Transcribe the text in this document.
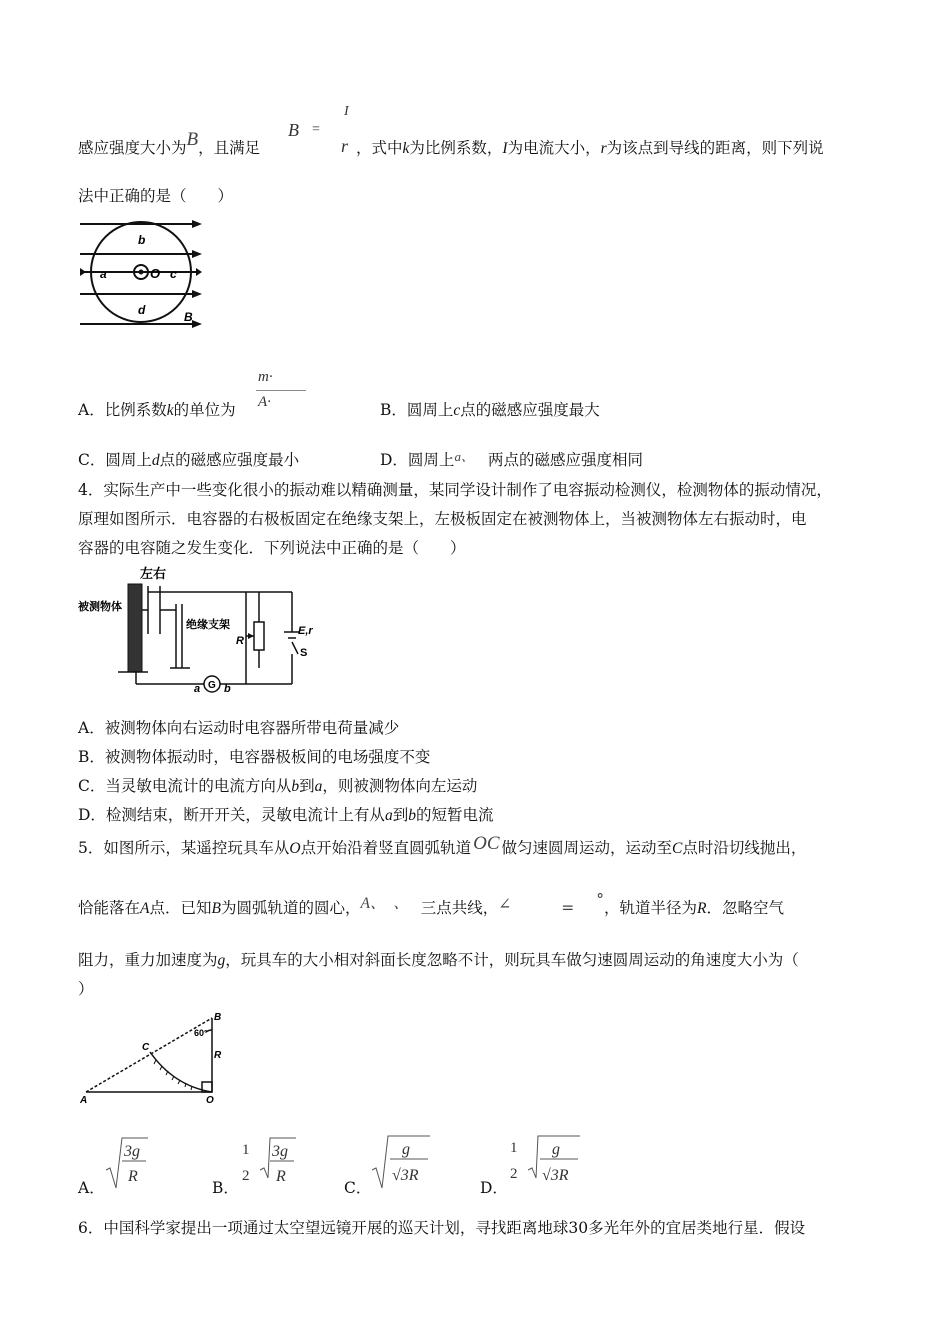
感应强度大小为B，且满足
B =
I
r ，式中k为比例系数，I为电流大小，r为该点到导线的距离，则下列说
法中正确的是（　　）
b
a	O c
d	B
A．比例系数k的单位为
m·
A·	B．圆周上c点的磁感应强度最大
C．圆周上d点的磁感应强度最小	D．圆周上$^{a、}$ 两点的磁感应强度相同
4．实际生产中一些变化很小的振动难以精确测量，某同学设计制作了电容振动检测仪，检测物体的振动情况，
原理如图所示．电容器的右极板固定在绝缘支架上，左极板固定在被测物体上，当被测物体左右振动时，电
容器的电容随之发生变化．下列说法中正确的是（　　）
左右
被测物体
绝缘支架
R
E,r
S
a G b
A．被测物体向右运动时电容器所带电荷量减少
B．被测物体振动时，电容器极板间的电场强度不变
C．当灵敏电流计的电流方向从b到a，则被测物体向左运动
D．检测结束，断开开关，灵敏电流计上有从a到b的短暂电流
5．如图所示，某遥控玩具车从O点开始沿着竖直圆弧轨道 OC 做匀速圆周运动，运动至C点时沿切线抛出，
恰能落在A点．已知B为圆弧轨道的圆心，A、　、 三点共线，∠	= °，轨道半径为R．忽略空气
阻力，重力加速度为g，玩具车的大小相对斜面长度忽略不计，则玩具车做匀速圆周运动的角速度大小为（
）
B
60°
C
R
A	O
A．
3g
R
B．
1
2
3g
R
C．
g
√3R
D．
1
2
g
√3R
6．中国科学家提出一项通过太空望远镜开展的巡天计划，寻找距离地球30多光年外的宜居类地行星．假设
